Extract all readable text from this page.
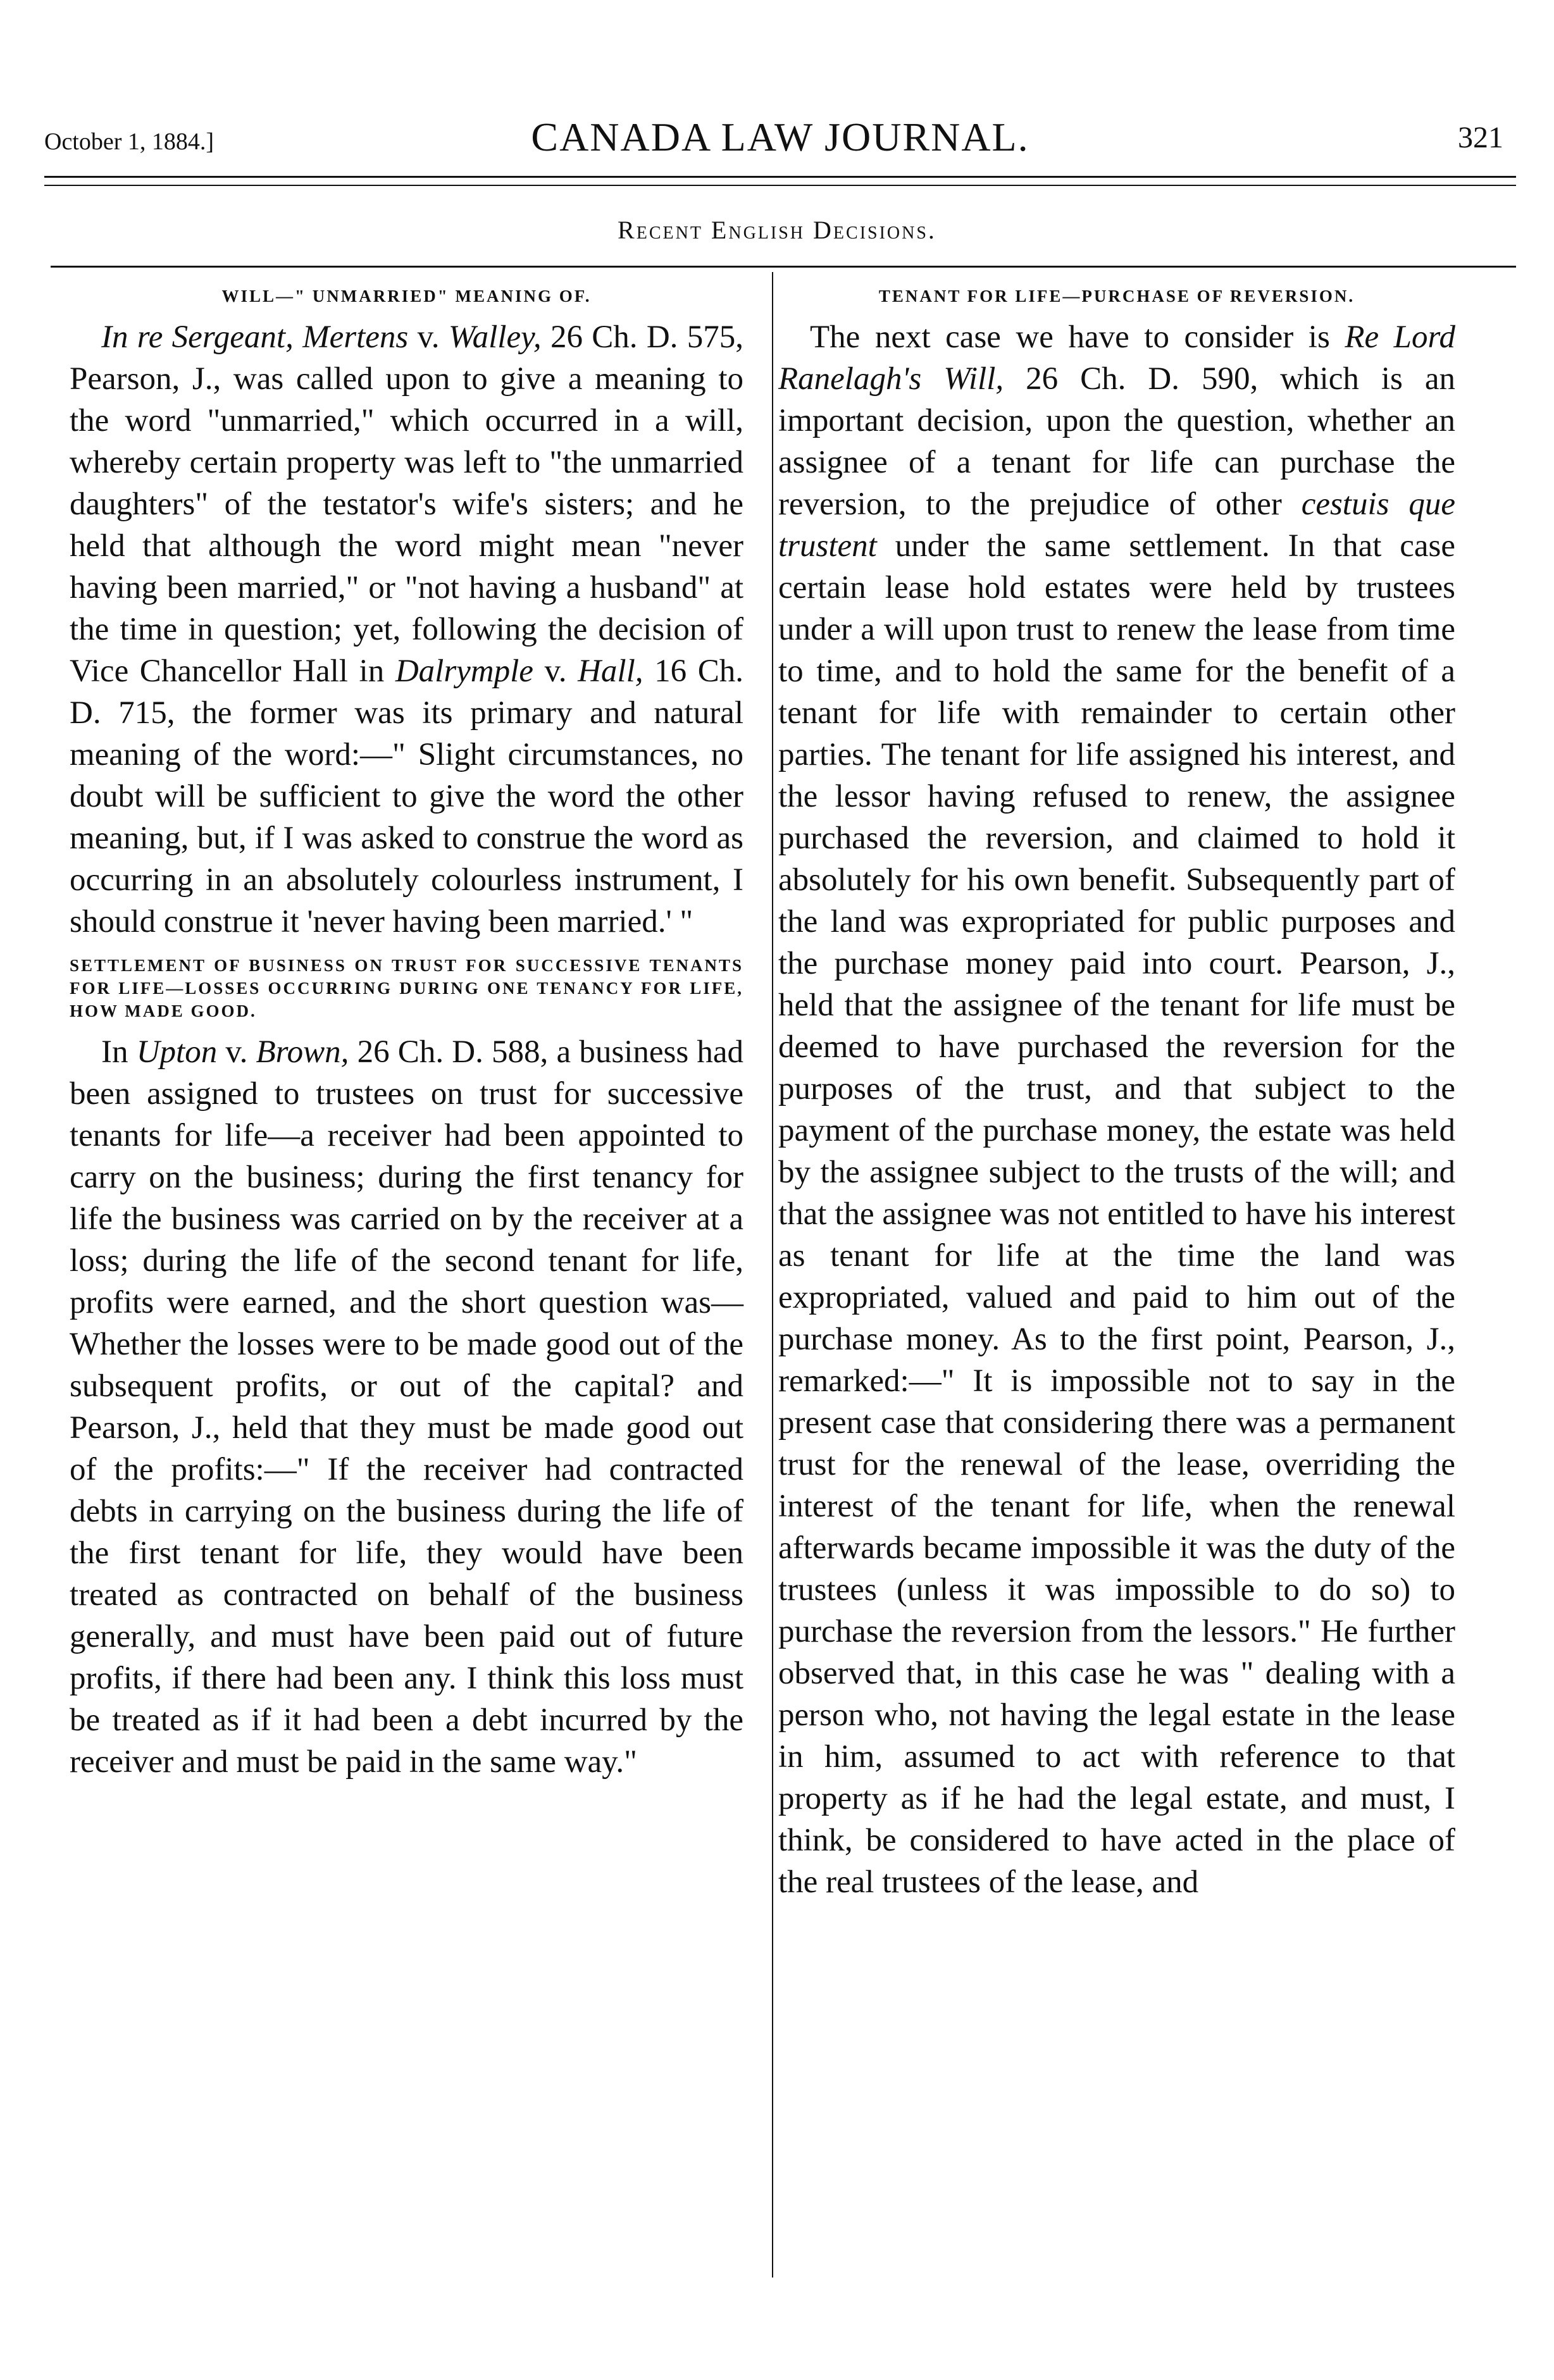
October 1, 1884.]	CANADA LAW JOURNAL.	321
Recent English Decisions.
WILL—" UNMARRIED" MEANING OF.

In re Sergeant, Mertens v. Walley, 26 Ch. D. 575, Pearson, J., was called upon to give a meaning to the word "unmarried," which occurred in a will, whereby certain property was left to "the unmarried daughters" of the testator's wife's sisters; and he held that although the word might mean "never having been married," or "not having a husband" at the time in question; yet, following the decision of Vice Chancellor Hall in Dalrymple v. Hall, 16 Ch. D. 715, the former was its primary and natural meaning of the word:—" Slight circumstances, no doubt will be sufficient to give the word the other meaning, but, if I was asked to construe the word as occurring in an absolutely colourless instrument, I should construe it 'never having been married.' "

SETTLEMENT OF BUSINESS ON TRUST FOR SUCCESSIVE TENANTS FOR LIFE—LOSSES OCCURRING DURING ONE TENANCY FOR LIFE, HOW MADE GOOD.

In Upton v. Brown, 26 Ch. D. 588, a business had been assigned to trustees on trust for successive tenants for life—a receiver had been appointed to carry on the business; during the first tenancy for life the business was carried on by the receiver at a loss; during the life of the second tenant for life, profits were earned, and the short question was—Whether the losses were to be made good out of the subsequent profits, or out of the capital? and Pearson, J., held that they must be made good out of the profits:—" If the receiver had contracted debts in carrying on the business during the life of the first tenant for life, they would have been treated as contracted on behalf of the business generally, and must have been paid out of future profits, if there had been any. I think this loss must be treated as if it had been a debt incurred by the receiver and must be paid in the same way."

TENANT FOR LIFE—PURCHASE OF REVERSION.

The next case we have to consider is Re Lord Ranelagh's Will, 26 Ch. D. 590, which is an important decision, upon the question, whether an assignee of a tenant for life can purchase the reversion, to the prejudice of other cestuis que trustent under the same settlement. In that case certain lease hold estates were held by trustees under a will upon trust to renew the lease from time to time, and to hold the same for the benefit of a tenant for life with remainder to certain other parties. The tenant for life assigned his interest, and the lessor having refused to renew, the assignee purchased the reversion, and claimed to hold it absolutely for his own benefit. Subsequently part of the land was expropriated for public purposes and the purchase money paid into court. Pearson, J., held that the assignee of the tenant for life must be deemed to have purchased the reversion for the purposes of the trust, and that subject to the payment of the purchase money, the estate was held by the assignee subject to the trusts of the will; and that the assignee was not entitled to have his interest as tenant for life at the time the land was expropriated, valued and paid to him out of the purchase money. As to the first point, Pearson, J., remarked:—" It is impossible not to say in the present case that considering there was a permanent trust for the renewal of the lease, overriding the interest of the tenant for life, when the renewal afterwards became impossible it was the duty of the trustees (unless it was impossible to do so) to purchase the reversion from the lessors." He further observed that, in this case he was " dealing with a person who, not having the legal estate in the lease in him, assumed to act with reference to that property as if he had the legal estate, and must, I think, be considered to have acted in the place of the real trustees of the lease, and
